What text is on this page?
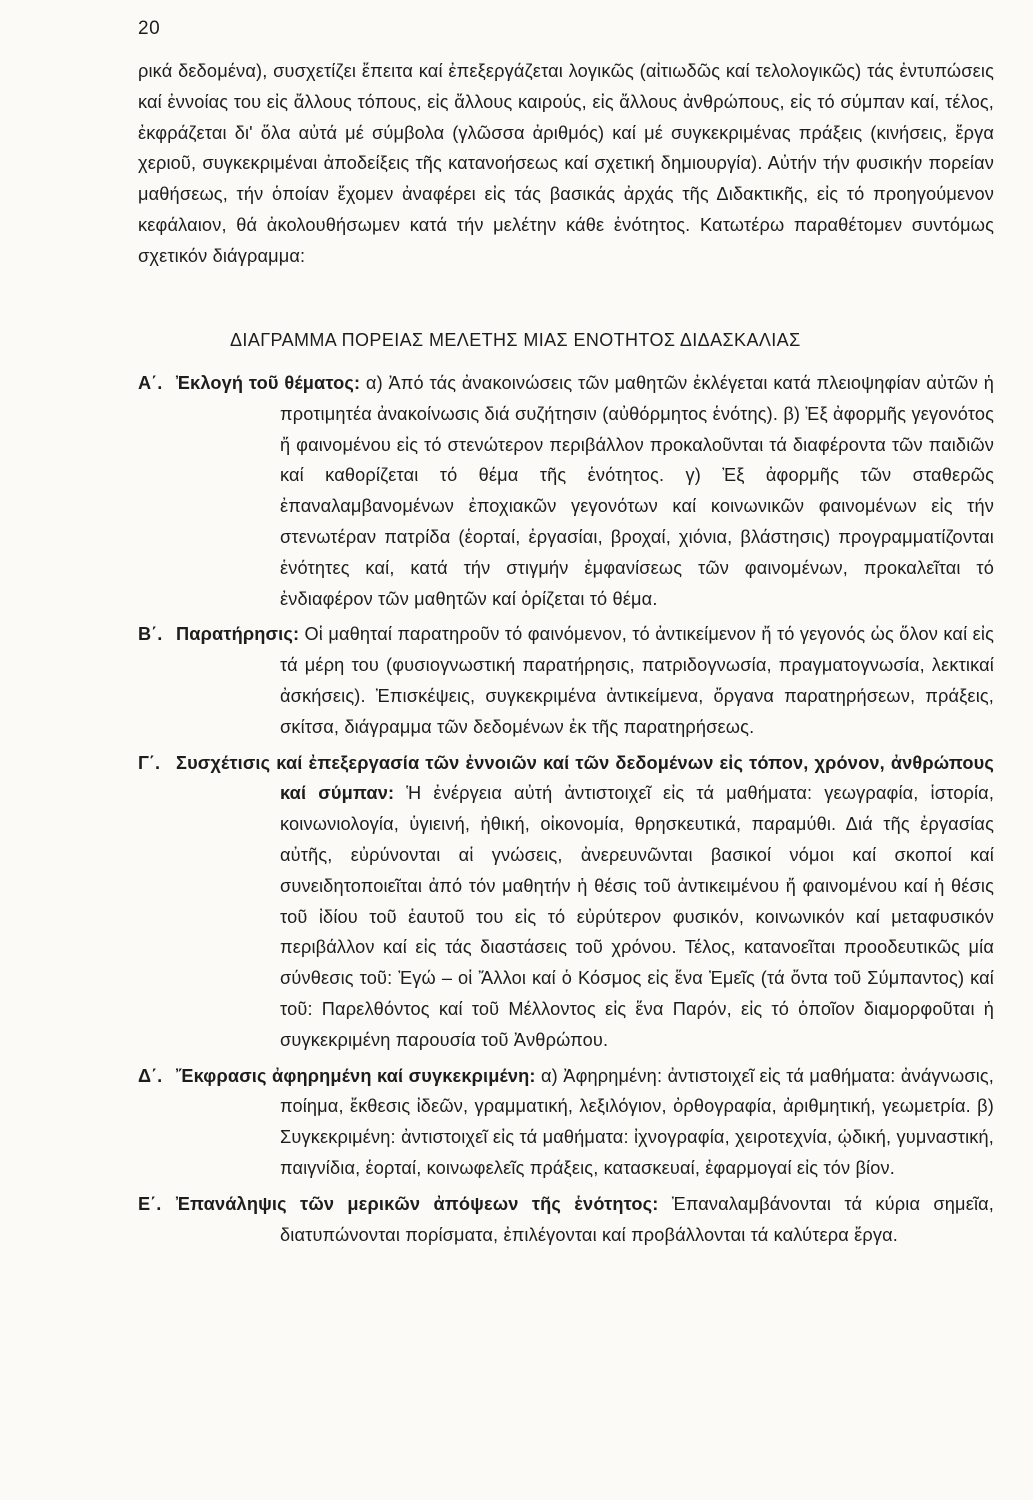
20
ρικά δεδομένα), συσχετίζει ἔπειτα καί ἐπεξεργάζεται λογικῶς (αἰτιωδῶς καί τελολογικῶς) τάς ἐντυπώσεις καί ἐννοίας του εἰς ἄλλους τόπους, εἰς ἄλλους καιρούς, εἰς ἄλλους ἀνθρώπους, εἰς τό σύμπαν καί, τέλος, ἐκφράζεται δι' ὅλα αὐτά μέ σύμβολα (γλῶσσα ἀριθμός) καί μέ συγκεκριμένας πράξεις (κινήσεις, ἔργα χεριοῦ, συγκεκριμέναι ἀποδείξεις τῆς κατανοήσεως καί σχετική δημιουργία). Αὐτήν τήν φυσικήν πορείαν μαθήσεως, τήν ὁποίαν ἔχομεν ἀναφέρει εἰς τάς βασικάς ἀρχάς τῆς Διδακτικῆς, εἰς τό προηγούμενον κεφάλαιον, θά ἀκολουθήσωμεν κατά τήν μελέτην κάθε ἑνότητος. Κατωτέρω παραθέτομεν συντόμως σχετικόν διάγραμμα:
ΔΙΑΓΡΑΜΜΑ ΠΟΡΕΙΑΣ ΜΕΛΕΤΗΣ ΜΙΑΣ ΕΝΟΤΗΤΟΣ ΔΙΔΑΣΚΑΛΙΑΣ
Α΄. Ἐκλογή τοῦ θέματος: α) Ἀπό τάς ἀνακοινώσεις τῶν μαθητῶν ἐκλέγεται κατά πλειοψηφίαν αὐτῶν ἡ προτιμητέα ἀνακοίνωσις διά συζήτησιν (αὐθόρμητος ἑνότης). β) Ἐξ ἀφορμῆς γεγονότος ἤ φαινομένου εἰς τό στενώτερον περιβάλλον προκαλοῦνται τά διαφέροντα τῶν παιδιῶν καί καθορίζεται τό θέμα τῆς ἑνότητος. γ) Ἐξ ἀφορμῆς τῶν σταθερῶς ἐπαναλαμβανομένων ἐποχιακῶν γεγονότων καί κοινωνικῶν φαινομένων εἰς τήν στενωτέραν πατρίδα (ἑορταί, ἐργασίαι, βροχαί, χιόνια, βλάστησις) προγραμματίζονται ἑνότητες καί, κατά τήν στιγμήν ἐμφανίσεως τῶν φαινομένων, προκαλεῖται τό ἐνδιαφέρον τῶν μαθητῶν καί ὁρίζεται τό θέμα.
Β΄. Παρατήρησις: Οἱ μαθηταί παρατηροῦν τό φαινόμενον, τό ἀντικείμενον ἤ τό γεγονός ὡς ὅλον καί εἰς τά μέρη του (φυσιογνωστική παρατήρησις, πατριδογνωσία, πραγματογνωσία, λεκτικαί ἀσκήσεις). Ἐπισκέψεις, συγκεκριμένα ἀντικείμενα, ὄργανα παρατηρήσεων, πράξεις, σκίτσα, διάγραμμα τῶν δεδομένων ἐκ τῆς παρατηρήσεως.
Γ΄. Συσχέτισις καί ἐπεξεργασία τῶν ἐννοιῶν καί τῶν δεδομένων εἰς τόπον, χρόνον, ἀνθρώπους καί σύμπαν: Ἡ ἐνέργεια αὐτή ἀντιστοιχεῖ εἰς τά μαθήματα: γεωγραφία, ἱστορία, κοινωνιολογία, ὑγιεινή, ἠθική, οἰκονομία, θρησκευτικά, παραμύθι. Διά τῆς ἐργασίας αὐτῆς, εὐρύνονται αἱ γνώσεις, ἀνερευνῶνται βασικοί νόμοι καί σκοποί καί συνειδητοποιεῖται ἀπό τόν μαθητήν ἡ θέσις τοῦ ἀντικειμένου ἤ φαινομένου καί ἡ θέσις τοῦ ἰδίου τοῦ ἑαυτοῦ του εἰς τό εὐρύτερον φυσικόν, κοινωνικόν καί μεταφυσικόν περιβάλλον καί εἰς τάς διαστάσεις τοῦ χρόνου. Τέλος, κατανοεῖται προοδευτικῶς μία σύνθεσις τοῦ: Ἐγώ – οἱ Ἄλλοι καί ὁ Κόσμος εἰς ἕνα Ἐμεῖς (τά ὄντα τοῦ Σύμπαντος) καί τοῦ: Παρελθόντος καί τοῦ Μέλλοντος εἰς ἕνα Παρόν, εἰς τό ὁποῖον διαμορφοῦται ἡ συγκεκριμένη παρουσία τοῦ Ἀνθρώπου.
Δ΄. Ἔκφρασις ἀφηρημένη καί συγκεκριμένη: α) Ἀφηρημένη: ἀντιστοιχεῖ εἰς τά μαθήματα: ἀνάγνωσις, ποίημα, ἔκθεσις ἰδεῶν, γραμματική, λεξιλόγιον, ὀρθογραφία, ἀριθμητική, γεωμετρία. β) Συγκεκριμένη: ἀντιστοιχεῖ εἰς τά μαθήματα: ἰχνογραφία, χειροτεχνία, ᾠδική, γυμναστική, παιγνίδια, ἑορταί, κοινωφελεῖς πράξεις, κατασκευαί, ἐφαρμογαί εἰς τόν βίον.
Ε΄. Ἐπανάληψις τῶν μερικῶν ἀπόψεων τῆς ἑνότητος: Ἐπαναλαμβάνονται τά κύρια σημεῖα, διατυπώνονται πορίσματα, ἐπιλέγονται καί προβάλλονται τά καλύτερα ἔργα.
